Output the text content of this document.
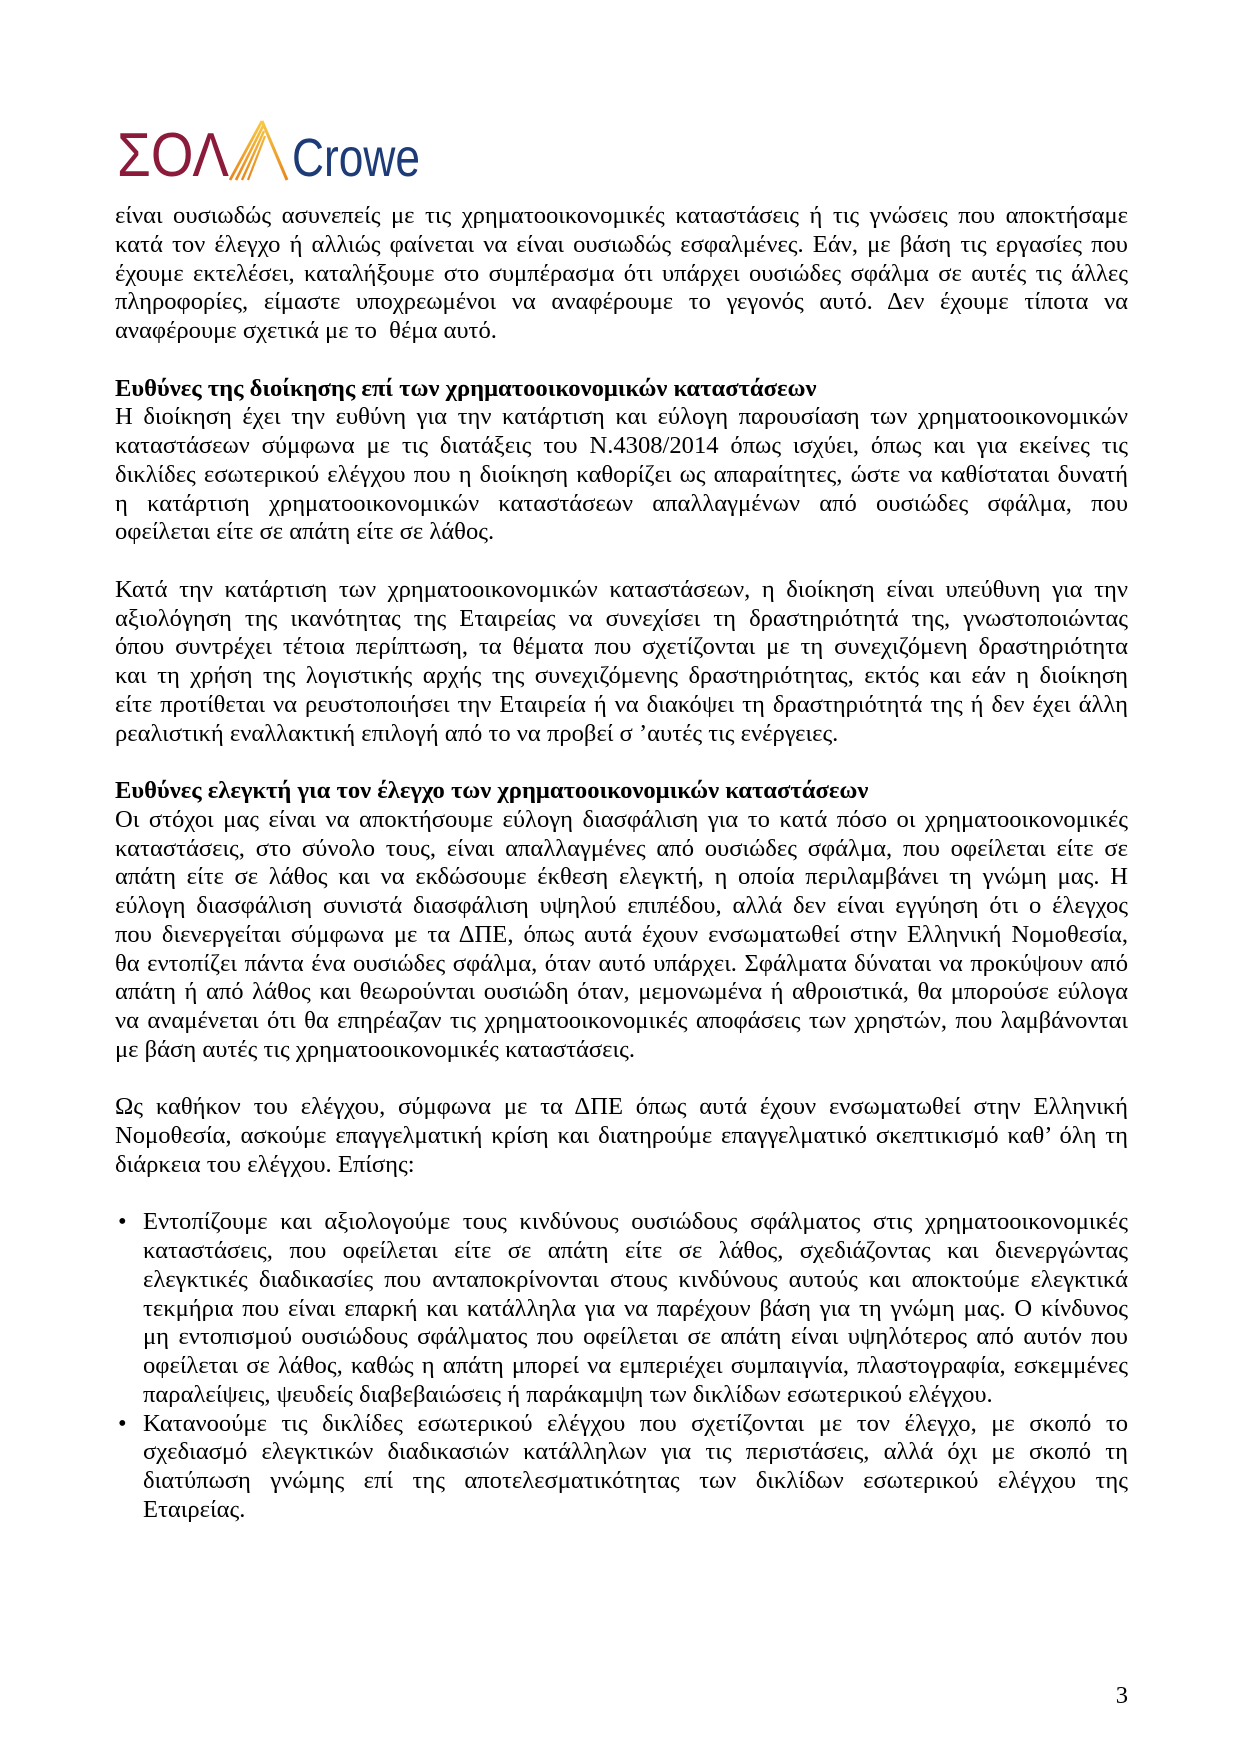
ΣΟΛ Crowe
είναι ουσιωδώς ασυνεπείς με τις χρηματοοικονομικές καταστάσεις ή τις γνώσεις που αποκτήσαμε
κατά τον έλεγχο ή αλλιώς φαίνεται να είναι ουσιωδώς εσφαλμένες. Εάν, με βάση τις εργασίες που
έχουμε εκτελέσει, καταλήξουμε στο συμπέρασμα ότι υπάρχει ουσιώδες σφάλμα σε αυτές τις άλλες
πληροφορίες, είμαστε υποχρεωμένοι να αναφέρουμε το γεγονός αυτό. Δεν έχουμε τίποτα να
αναφέρουμε σχετικά με το  θέμα αυτό.
Ευθύνες της διοίκησης επί των χρηματοοικονομικών καταστάσεων
Η διοίκηση έχει την ευθύνη για την κατάρτιση και εύλογη παρουσίαση των χρηματοοικονομικών
καταστάσεων σύμφωνα με τις διατάξεις του Ν.4308/2014 όπως ισχύει, όπως και για εκείνες τις
δικλίδες εσωτερικού ελέγχου που η διοίκηση καθορίζει ως απαραίτητες, ώστε να καθίσταται δυνατή
η κατάρτιση χρηματοοικονομικών καταστάσεων απαλλαγμένων από ουσιώδες σφάλμα, που
οφείλεται είτε σε απάτη είτε σε λάθος.
Κατά την κατάρτιση των χρηματοοικονομικών καταστάσεων, η διοίκηση είναι υπεύθυνη για την
αξιολόγηση της ικανότητας της Εταιρείας να συνεχίσει τη δραστηριότητά της, γνωστοποιώντας
όπου συντρέχει τέτοια περίπτωση, τα θέματα που σχετίζονται με τη συνεχιζόμενη δραστηριότητα
και τη χρήση της λογιστικής αρχής της συνεχιζόμενης δραστηριότητας, εκτός και εάν η διοίκηση
είτε προτίθεται να ρευστοποιήσει την Εταιρεία ή να διακόψει τη δραστηριότητά της ή δεν έχει άλλη
ρεαλιστική εναλλακτική επιλογή από το να προβεί σ ’αυτές τις ενέργειες.
Ευθύνες ελεγκτή για τον έλεγχο των χρηματοοικονομικών καταστάσεων
Οι στόχοι μας είναι να αποκτήσουμε εύλογη διασφάλιση για το κατά πόσο οι χρηματοοικονομικές
καταστάσεις, στο σύνολο τους, είναι απαλλαγμένες από ουσιώδες σφάλμα, που οφείλεται είτε σε
απάτη είτε σε λάθος και να εκδώσουμε έκθεση ελεγκτή, η οποία περιλαμβάνει τη γνώμη μας. Η
εύλογη διασφάλιση συνιστά διασφάλιση υψηλού επιπέδου, αλλά δεν είναι εγγύηση ότι ο έλεγχος
που διενεργείται σύμφωνα με τα ΔΠΕ, όπως αυτά έχουν ενσωματωθεί στην Ελληνική Νομοθεσία,
θα εντοπίζει πάντα ένα ουσιώδες σφάλμα, όταν αυτό υπάρχει. Σφάλματα δύναται να προκύψουν από
απάτη ή από λάθος και θεωρούνται ουσιώδη όταν, μεμονωμένα ή αθροιστικά, θα μπορούσε εύλογα
να αναμένεται ότι θα επηρέαζαν τις χρηματοοικονομικές αποφάσεις των χρηστών, που λαμβάνονται
με βάση αυτές τις χρηματοοικονομικές καταστάσεις.
Ως καθήκον του ελέγχου, σύμφωνα με τα ΔΠΕ όπως αυτά έχουν ενσωματωθεί στην Ελληνική
Νομοθεσία, ασκούμε επαγγελματική κρίση και διατηρούμε επαγγελματικό σκεπτικισμό καθ’ όλη τη
διάρκεια του ελέγχου. Επίσης:
• Εντοπίζουμε και αξιολογούμε τους κινδύνους ουσιώδους σφάλματος στις χρηματοοικονομικές
καταστάσεις, που οφείλεται είτε σε απάτη είτε σε λάθος, σχεδιάζοντας και διενεργώντας
ελεγκτικές διαδικασίες που ανταποκρίνονται στους κινδύνους αυτούς και αποκτούμε ελεγκτικά
τεκμήρια που είναι επαρκή και κατάλληλα για να παρέχουν βάση για τη γνώμη μας. Ο κίνδυνος
μη εντοπισμού ουσιώδους σφάλματος που οφείλεται σε απάτη είναι υψηλότερος από αυτόν που
οφείλεται σε λάθος, καθώς η απάτη μπορεί να εμπεριέχει συμπαιγνία, πλαστογραφία, εσκεμμένες
παραλείψεις, ψευδείς διαβεβαιώσεις ή παράκαμψη των δικλίδων εσωτερικού ελέγχου.
• Κατανοούμε τις δικλίδες εσωτερικού ελέγχου που σχετίζονται με τον έλεγχο, με σκοπό το
σχεδιασμό ελεγκτικών διαδικασιών κατάλληλων για τις περιστάσεις, αλλά όχι με σκοπό τη
διατύπωση γνώμης επί της αποτελεσματικότητας των δικλίδων εσωτερικού ελέγχου της
Εταιρείας.
3
